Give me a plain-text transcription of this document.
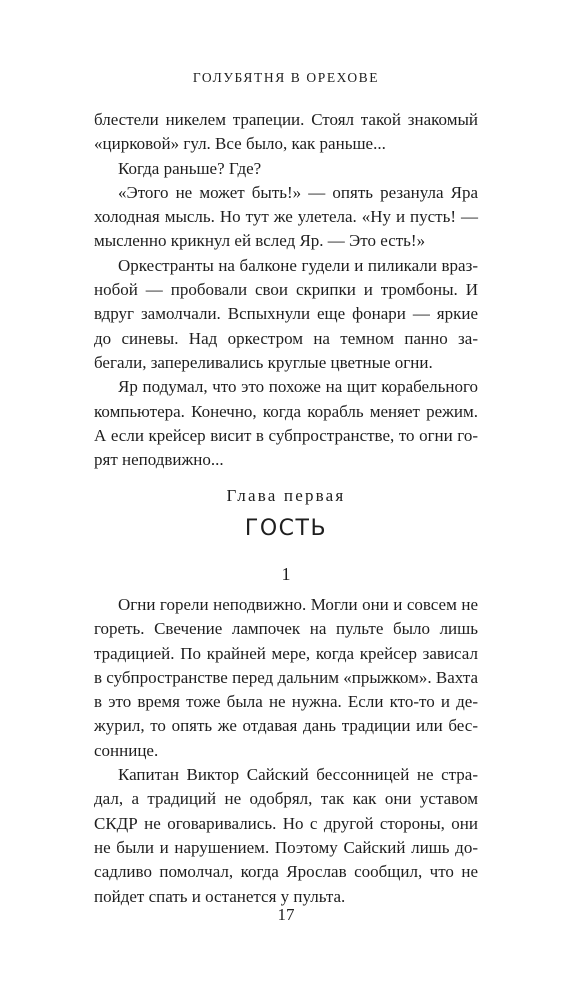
ГОЛУБЯТНЯ В ОРЕХОВЕ

блестели никелем трапеции. Стоял такой знакомый «цирковой» гул. Все было, как раньше...

Когда раньше? Где?

«Этого не может быть!» — опять резанула Яра холодная мысль. Но тут же улетела. «Ну и пусть! — мысленно крикнул ей вслед Яр. — Это есть!»

Оркестранты на балконе гудели и пиликали вразнобой — пробовали свои скрипки и тромбоны. И вдруг замолчали. Вспыхнули еще фонари — яркие до синевы. Над оркестром на темном панно забегали, запереливались круглые цветные огни.

Яр подумал, что это похоже на щит корабельного компьютера. Конечно, когда корабль меняет режим. А если крейсер висит в субпространстве, то огни горят неподвижно...

Глава первая
ГОСТЬ
1

Огни горели неподвижно. Могли они и совсем не гореть. Свечение лампочек на пульте было лишь традицией. По крайней мере, когда крейсер зависал в субпространстве перед дальним «прыжком». Вахта в это время тоже была не нужна. Если кто-то и дежурил, то опять же отдавая дань традиции или бессоннице.

Капитан Виктор Сайский бессонницей не страдал, а традиций не одобрял, так как они уставом СКДР не оговаривались. Но с другой стороны, они не были и нарушением. Поэтому Сайский лишь досадливо помолчал, когда Ярослав сообщил, что не пойдет спать и останется у пульта.

17
